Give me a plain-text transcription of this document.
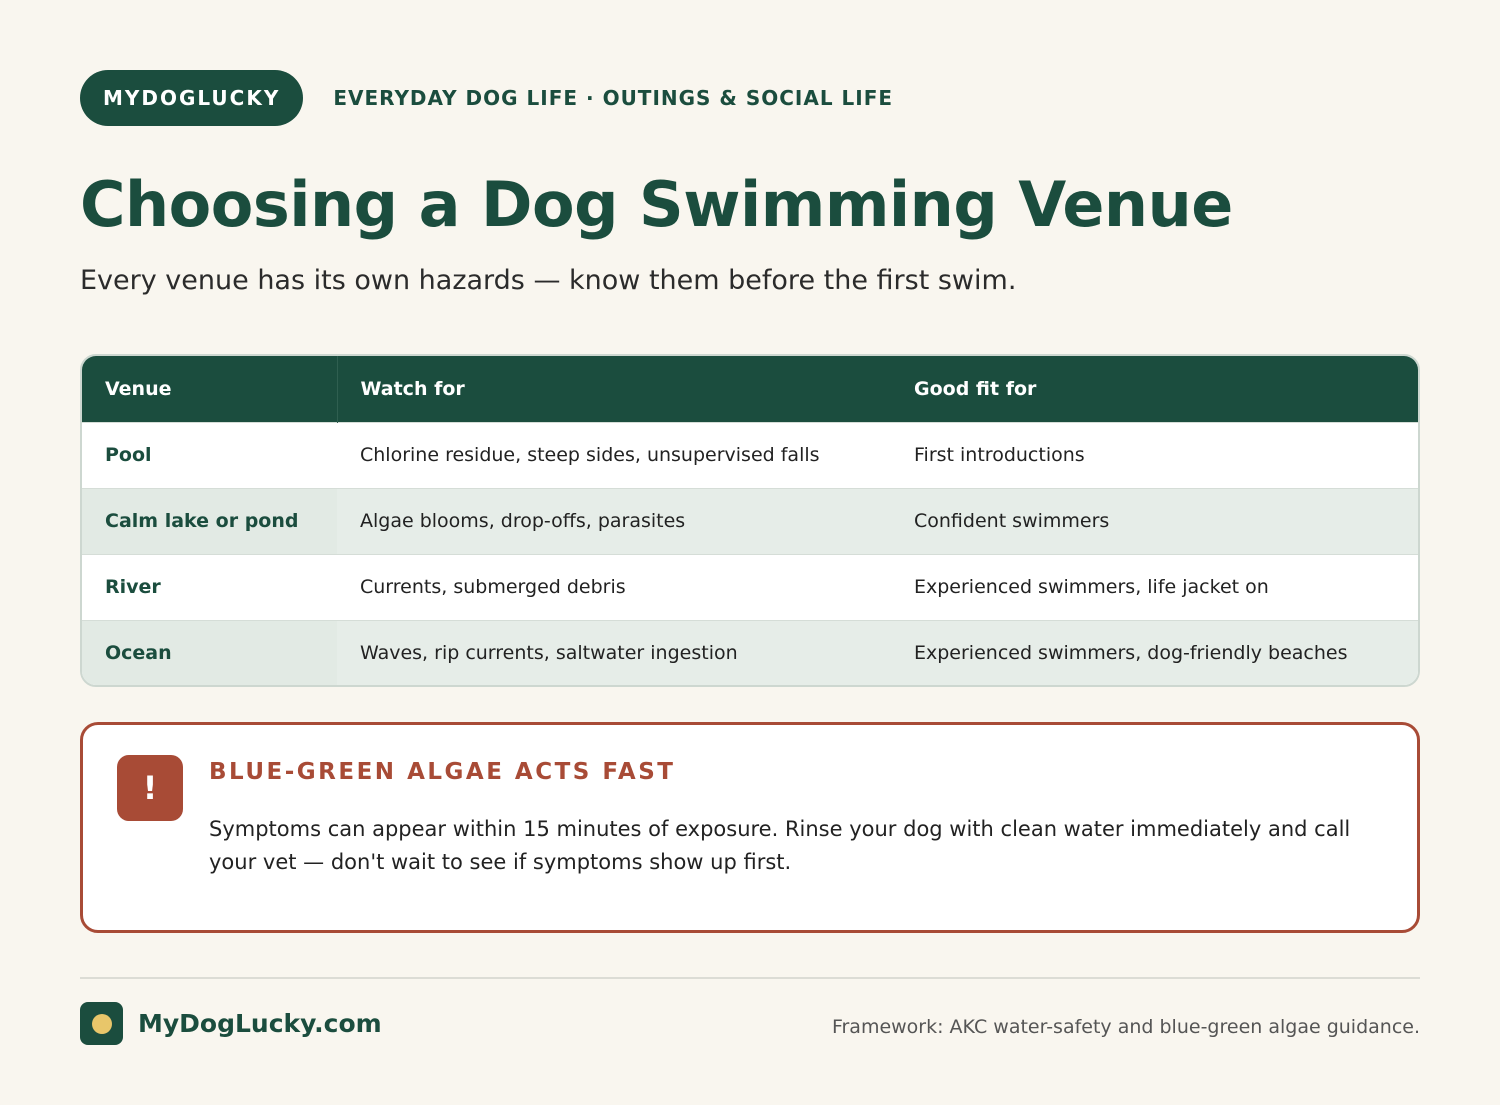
MYDOGLUCKY	EVERYDAY DOG LIFE · OUTINGS & SOCIAL LIFE
Choosing a Dog Swimming Venue

Every venue has its own hazards — know them before the first swim.

Venue	Watch for	Good fit for
Pool	Chlorine residue, steep sides, unsupervised falls	First introductions
Calm lake or pond	Algae blooms, drop-offs, parasites	Confident swimmers
River	Currents, submerged debris	Experienced swimmers, life jacket on
Ocean	Waves, rip currents, saltwater ingestion	Experienced swimmers, dog-friendly beaches
!	BLUE-GREEN ALGAE ACTS FAST
Symptoms can appear within 15 minutes of exposure. Rinse your dog with clean water immediately and call your vet — don't wait to see if symptoms show up first.
MyDogLucky.com	Framework: AKC water-safety and blue-green algae guidance.
